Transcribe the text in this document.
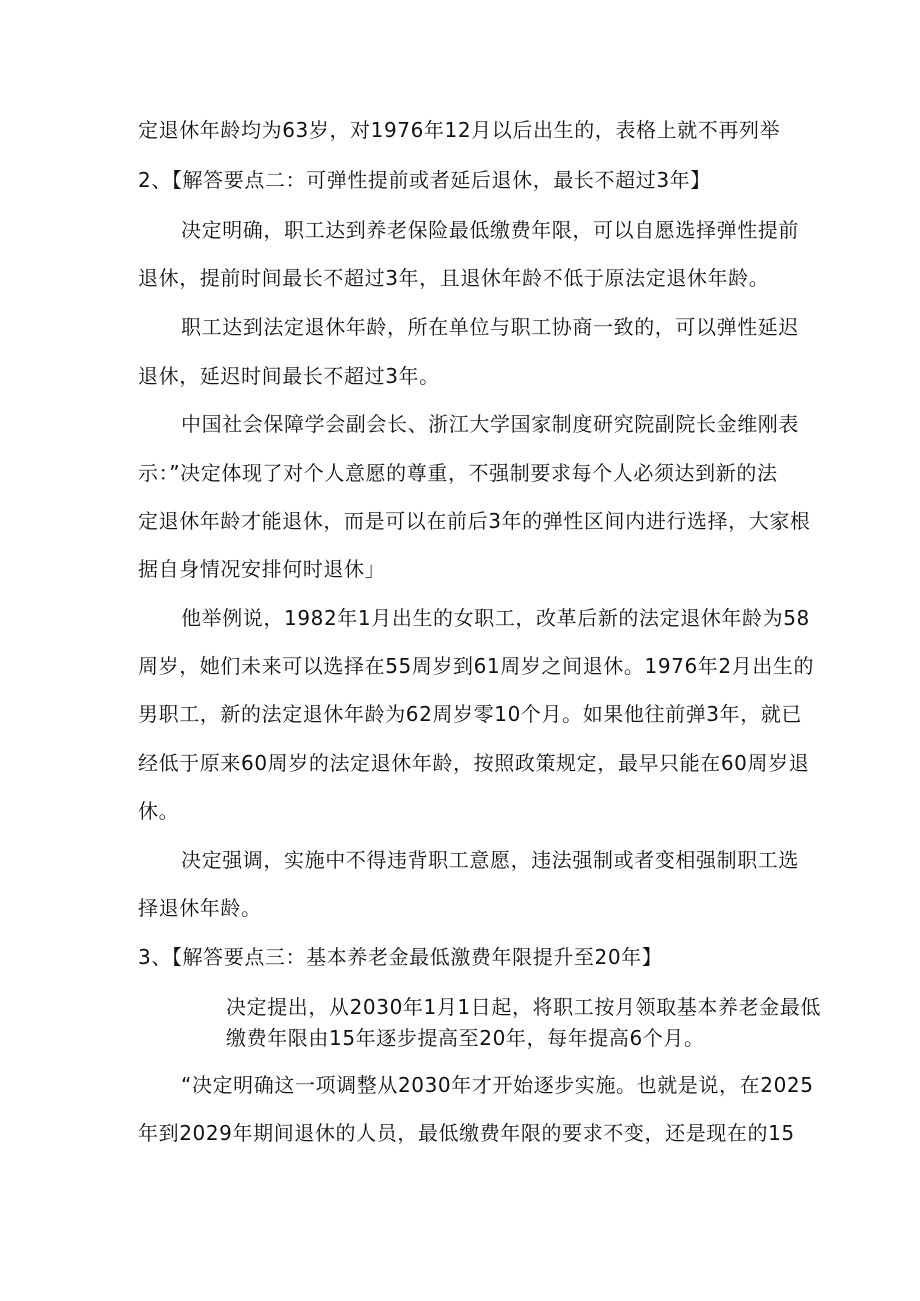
定退休年龄均为63岁，对1976年12月以后出生的，表格上就不再列举
2、【解答要点二：可弹性提前或者延后退休，最长不超过3年】
决定明确，职工达到养老保险最低缴费年限，可以自愿选择弹性提前
退休，提前时间最长不超过3年，且退休年龄不低于原法定退休年龄。
职工达到法定退休年龄，所在单位与职工协商一致的，可以弹性延迟
退休，延迟时间最长不超过3年。
中国社会保障学会副会长、浙江大学国家制度研究院副院长金维刚表
示：”决定体现了对个人意愿的尊重，不强制要求每个人必须达到新的法
定退休年龄才能退休，而是可以在前后3年的弹性区间内进行选择，大家根
据自身情况安排何时退休」
他举例说，1982年1月出生的女职工，改革后新的法定退休年龄为58
周岁，她们未来可以选择在55周岁到61周岁之间退休。1976年2月出生的
男职工，新的法定退休年龄为62周岁零10个月。如果他往前弹3年，就已
经低于原来60周岁的法定退休年龄，按照政策规定，最早只能在60周岁退
休。
决定强调，实施中不得违背职工意愿，违法强制或者变相强制职工选
择退休年龄。
3、【解答要点三：基本养老金最低激费年限提升至20年】
决定提出，从2030年1月1日起，将职工按月领取基本养老金最低
缴费年限由15年逐步提高至20年，每年提高6个月。
“决定明确这一项调整从2030年才开始逐步实施。也就是说，在2025
年到2029年期间退休的人员，最低缴费年限的要求不变，还是现在的15
